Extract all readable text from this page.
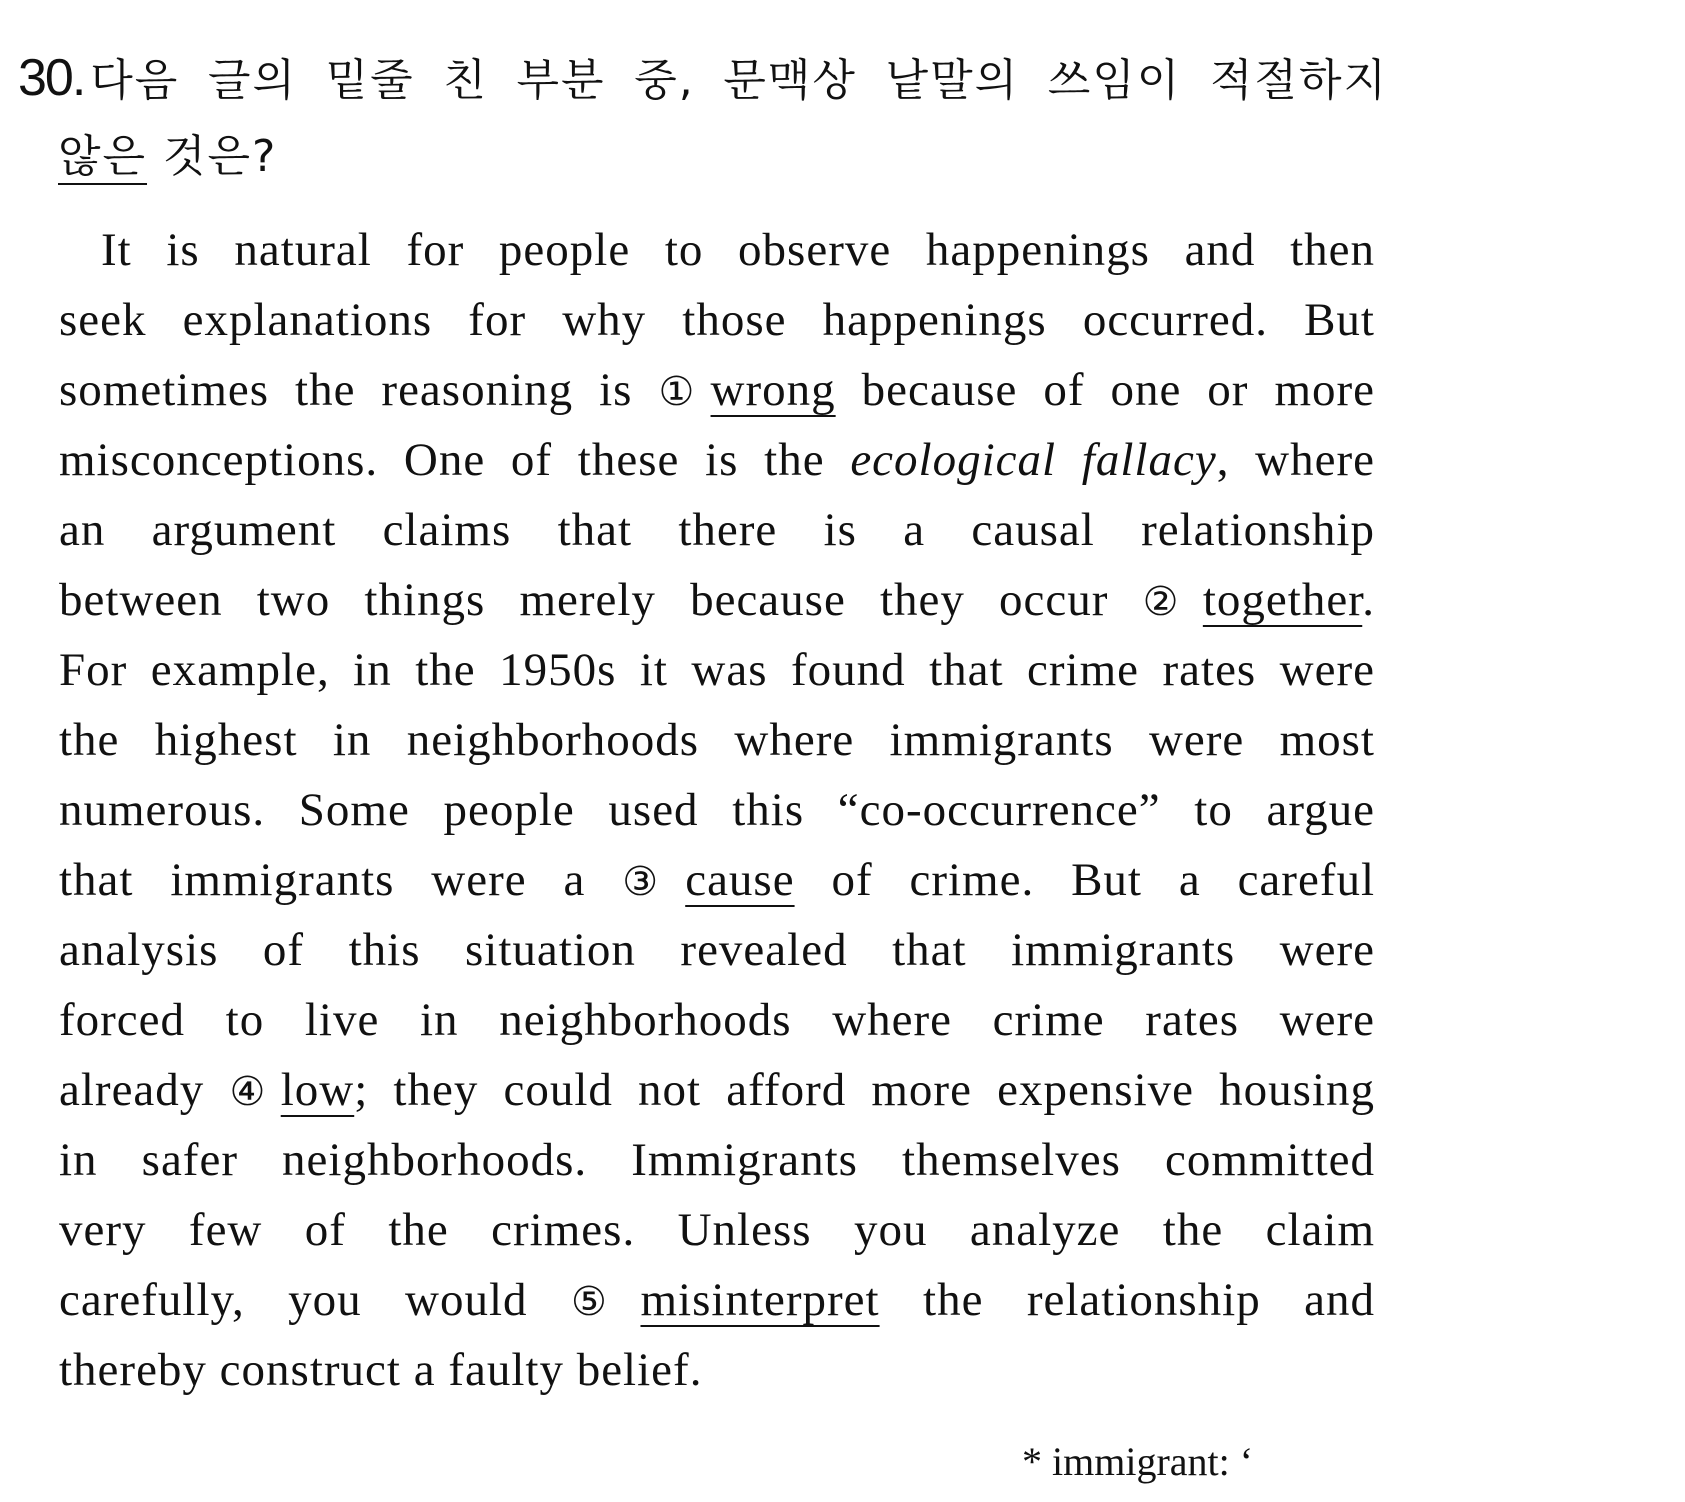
30. 다음 글의 밑줄 친 부분 중, 문맥상 낱말의 쓰임이 적절하지
않은 것은?
It is natural for people to observe happenings and then
seek explanations for why those happenings occurred. But
sometimes the reasoning is ①wrong because of one or more
misconceptions. One of these is the ecological fallacy, where
an argument claims that there is a causal relationship
between two things merely because they occur ②together.
For example, in the 1950s it was found that crime rates were
the highest in neighborhoods where immigrants were most
numerous. Some people used this “co-occurrence” to argue
that immigrants were a ③cause of crime. But a careful
analysis of this situation revealed that immigrants were
forced to live in neighborhoods where crime rates were
already ④low; they could not afford more expensive housing
in safer neighborhoods. Immigrants themselves committed
very few of the crimes. Unless you analyze the claim
carefully, you would ⑤misinterpret the relationship and
thereby construct a faulty belief.
* immigrant: ‘
